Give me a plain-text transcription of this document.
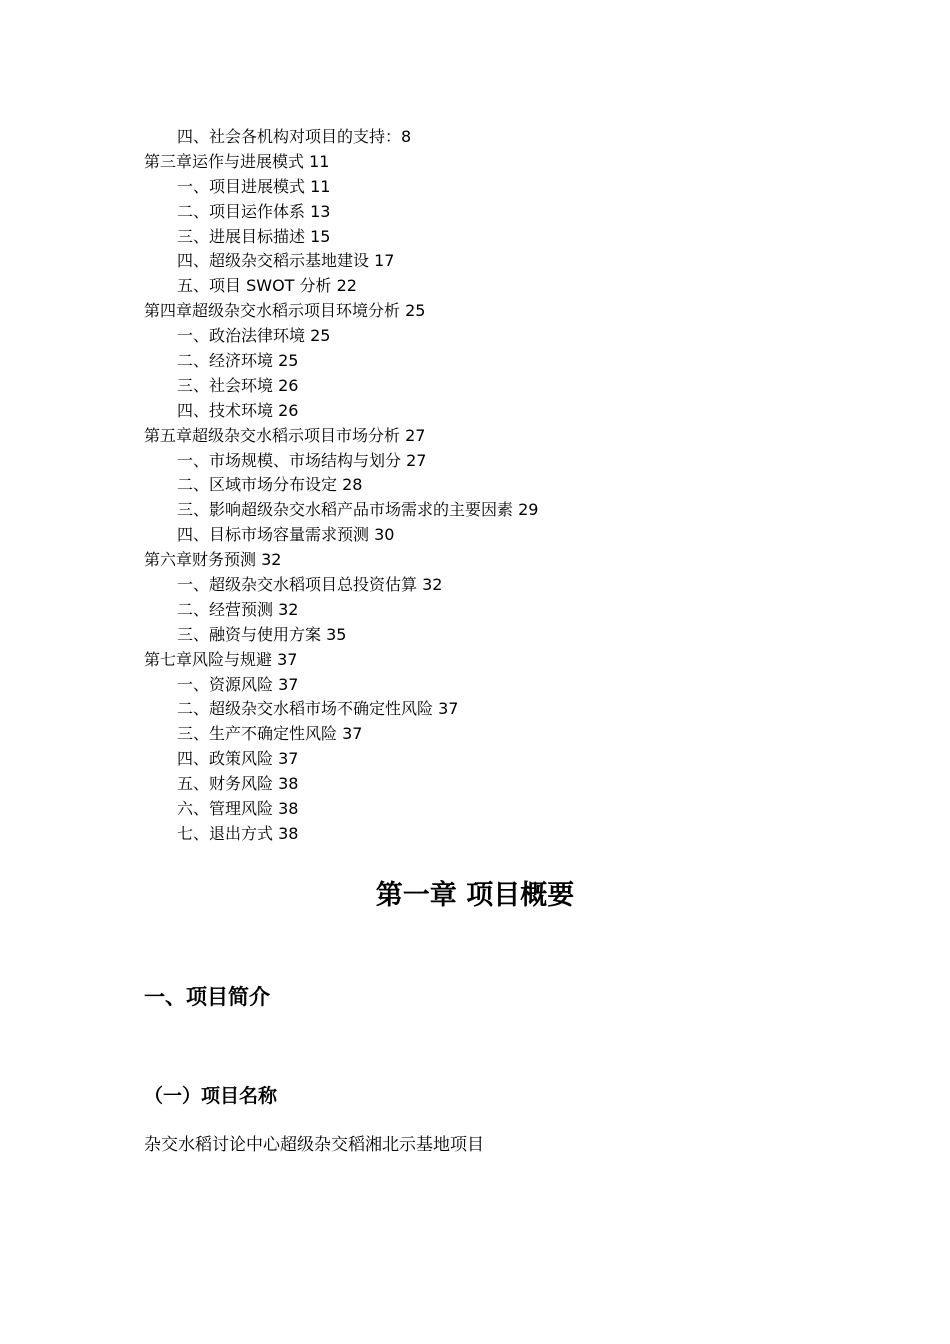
四、社会各机构对项目的支持：8
第三章运作与进展模式 11
一、项目进展模式 11
二、项目运作体系 13
三、进展目标描述 15
四、超级杂交稻示基地建设 17
五、项目 SWOT 分析 22
第四章超级杂交水稻示项目环境分析 25
一、政治法律环境 25
二、经济环境 25
三、社会环境 26
四、技术环境 26
第五章超级杂交水稻示项目市场分析 27
一、市场规模、市场结构与划分 27
二、区域市场分布设定 28
三、影响超级杂交水稻产品市场需求的主要因素 29
四、目标市场容量需求预测 30
第六章财务预测 32
一、超级杂交水稻项目总投资估算 32
二、经营预测 32
三、融资与使用方案 35
第七章风险与规避 37
一、资源风险 37
二、超级杂交水稻市场不确定性风险 37
三、生产不确定性风险 37
四、政策风险 37
五、财务风险 38
六、管理风险 38
七、退出方式 38
第一章 项目概要
一、项目简介
（一）项目名称
杂交水稻讨论中心超级杂交稻湘北示基地项目
